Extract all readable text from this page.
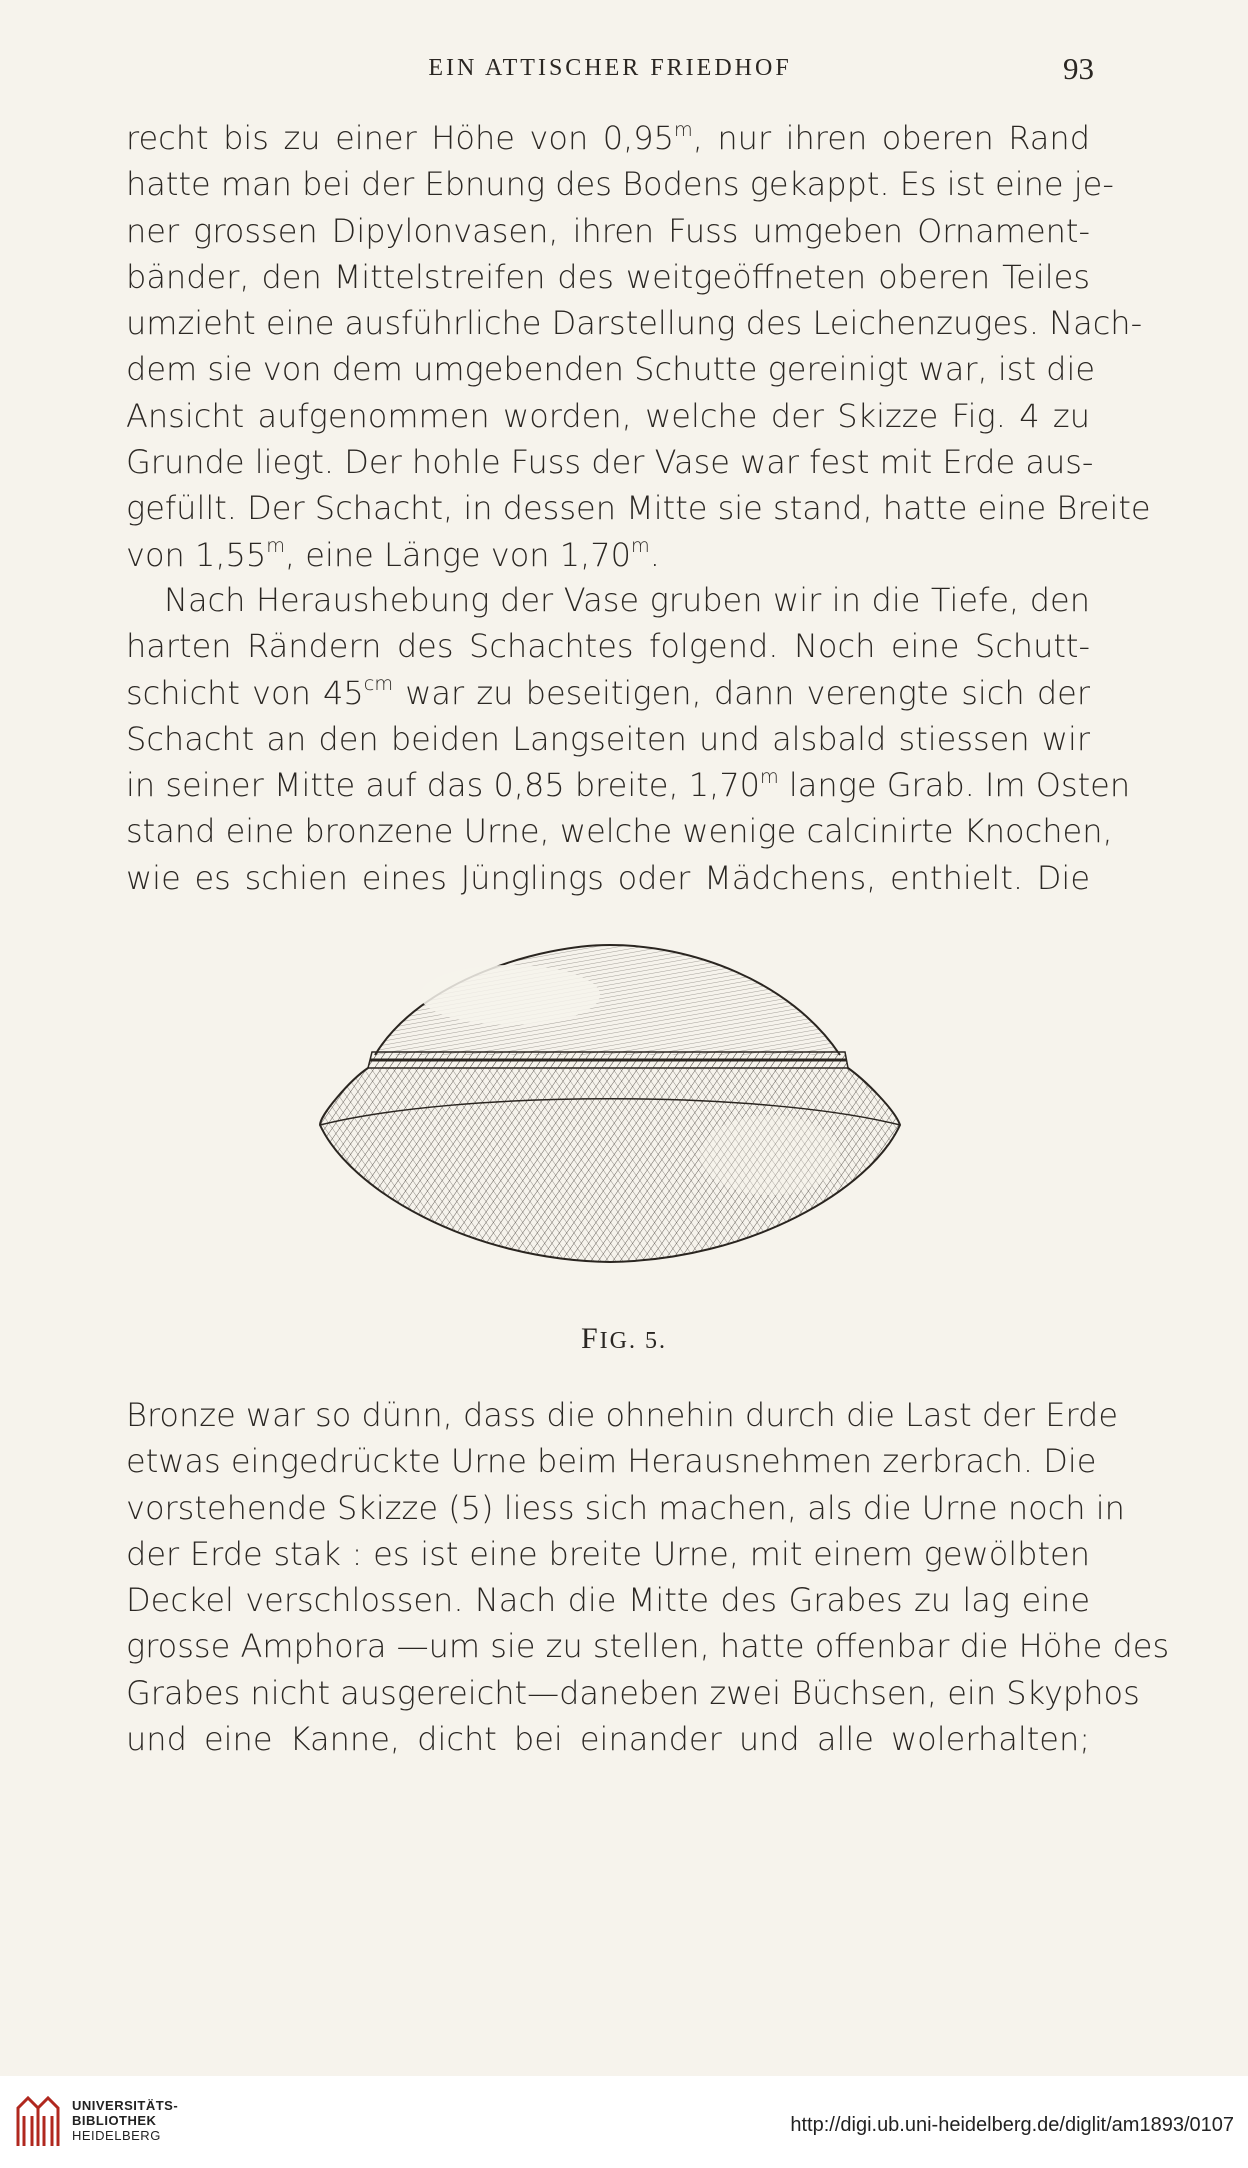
EIN ATTISCHER FRIEDHOF	93
recht bis zu einer Höhe von 0,95$^m$, nur ihren oberen Rand
hatte man bei der Ebnung des Bodens gekappt. Es ist eine je-
ner grossen Dipylonvasen, ihren Fuss umgeben Ornament-
bänder, den Mittelstreifen des weitgeöffneten oberen Teiles
umzieht eine ausführliche Darstellung des Leichenzuges. Nach-
dem sie von dem umgebenden Schutte gereinigt war, ist die
Ansicht aufgenommen worden, welche der Skizze Fig. 4 zu
Grunde liegt. Der hohle Fuss der Vase war fest mit Erde aus-
gefüllt. Der Schacht, in dessen Mitte sie stand, hatte eine Breite
von 1,55$^m$, eine Länge von 1,70$^m$.
Nach Heraushebung der Vase gruben wir in die Tiefe, den
harten Rändern des Schachtes folgend. Noch eine Schutt-
schicht von $45^{cm}$ war zu beseitigen, dann verengte sich der
Schacht an den beiden Langseiten und alsbald stiessen wir
in seiner Mitte auf das 0,85 breite, 1,70$^m$ lange Grab. Im Osten
stand eine bronzene Urne, welche wenige calcinirte Knochen,
wie es schien eines Jünglings oder Mädchens, enthielt. Die
FIG. 5.
Bronze war so dünn, dass die ohnehin durch die Last der Erde
etwas eingedrückte Urne beim Herausnehmen zerbrach. Die
vorstehende Skizze (5) liess sich machen, als die Urne noch in
der Erde stak : es ist eine breite Urne, mit einem gewölbten
Deckel verschlossen. Nach die Mitte des Grabes zu lag eine
grosse Amphora —um sie zu stellen, hatte offenbar die Höhe des
Grabes nicht ausgereicht—daneben zwei Büchsen, ein Skyphos
und eine Kanne, dicht bei einander und alle wolerhalten;
UNIVERSITÄTS-
BIBLIOTHEK
HEIDELBERG	http://digi.ub.uni-heidelberg.de/diglit/am1893/0107
